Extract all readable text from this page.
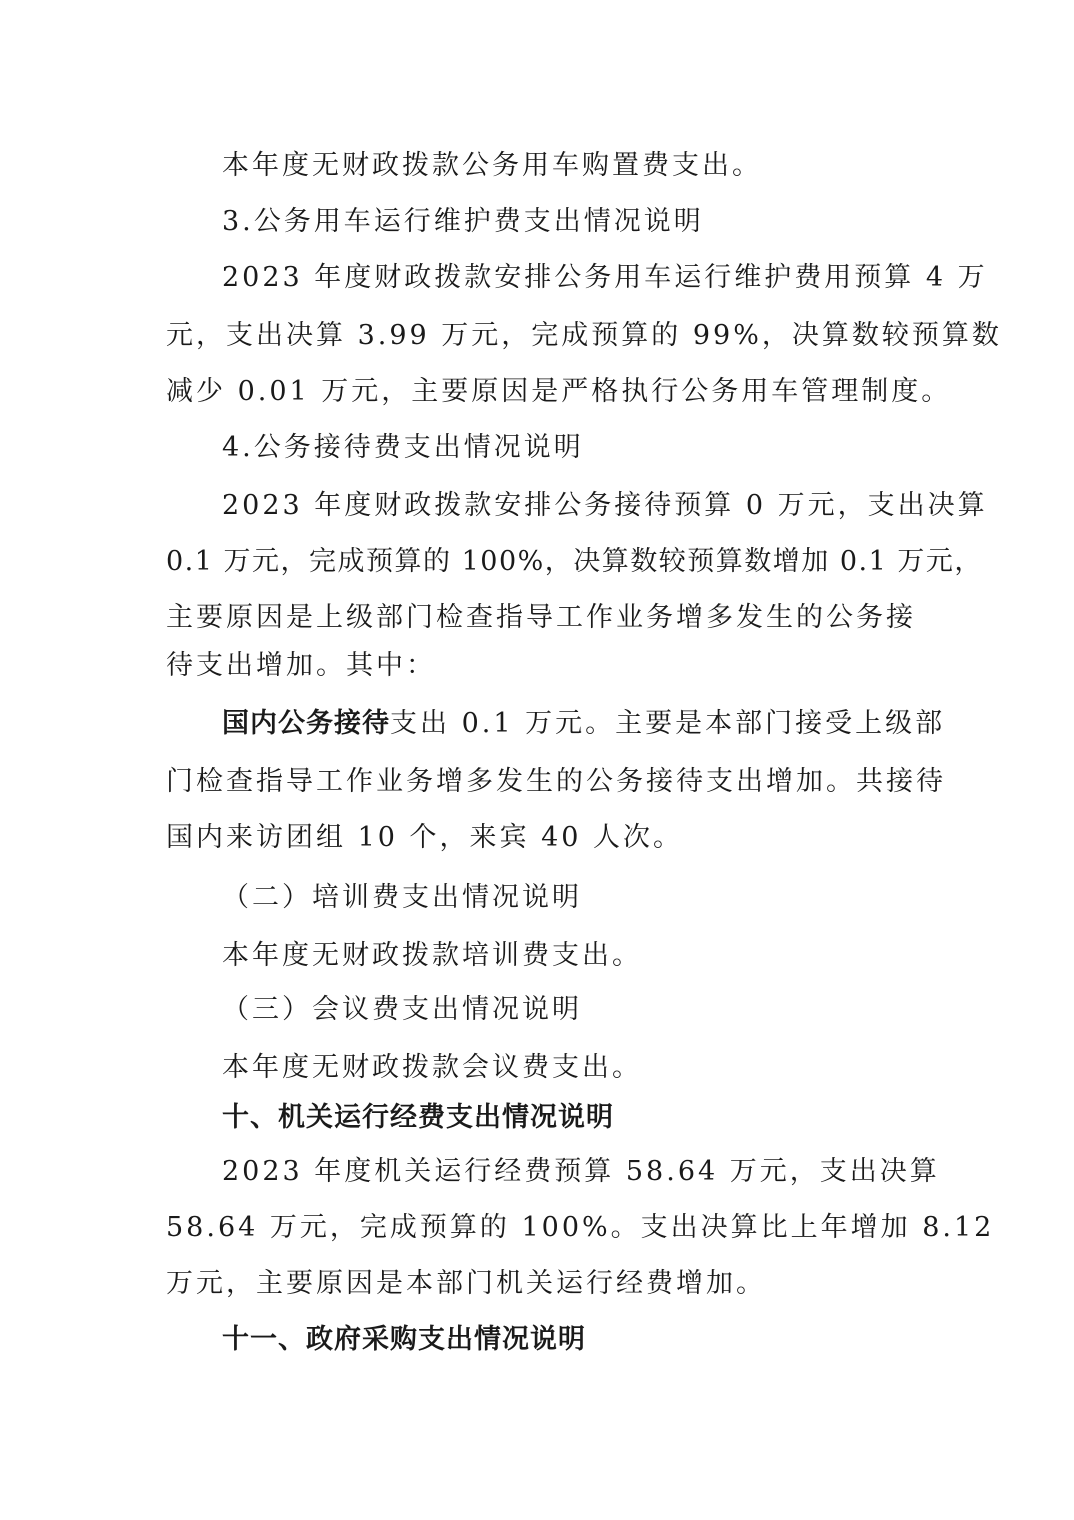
本年度无财政拨款公务用车购置费支出。
3.公务用车运行维护费支出情况说明
2023 年度财政拨款安排公务用车运行维护费用预算 4 万
元，支出决算 3.99 万元，完成预算的 99%，决算数较预算数
减少 0.01 万元，主要原因是严格执行公务用车管理制度。
4.公务接待费支出情况说明
2023 年度财政拨款安排公务接待预算 0 万元，支出决算
0.1 万元，完成预算的 100%，决算数较预算数增加 0.1 万元，
主要原因是上级部门检查指导工作业务增多发生的公务接
待支出增加。其中：
国内公务接待支出 0.1 万元。主要是本部门接受上级部
门检查指导工作业务增多发生的公务接待支出增加。共接待
国内来访团组 10 个，来宾 40 人次。
（二）培训费支出情况说明
本年度无财政拨款培训费支出。
（三）会议费支出情况说明
本年度无财政拨款会议费支出。
十、机关运行经费支出情况说明
2023 年度机关运行经费预算 58.64 万元，支出决算
58.64 万元，完成预算的 100%。支出决算比上年增加 8.12
万元，主要原因是本部门机关运行经费增加。
十一、政府采购支出情况说明
